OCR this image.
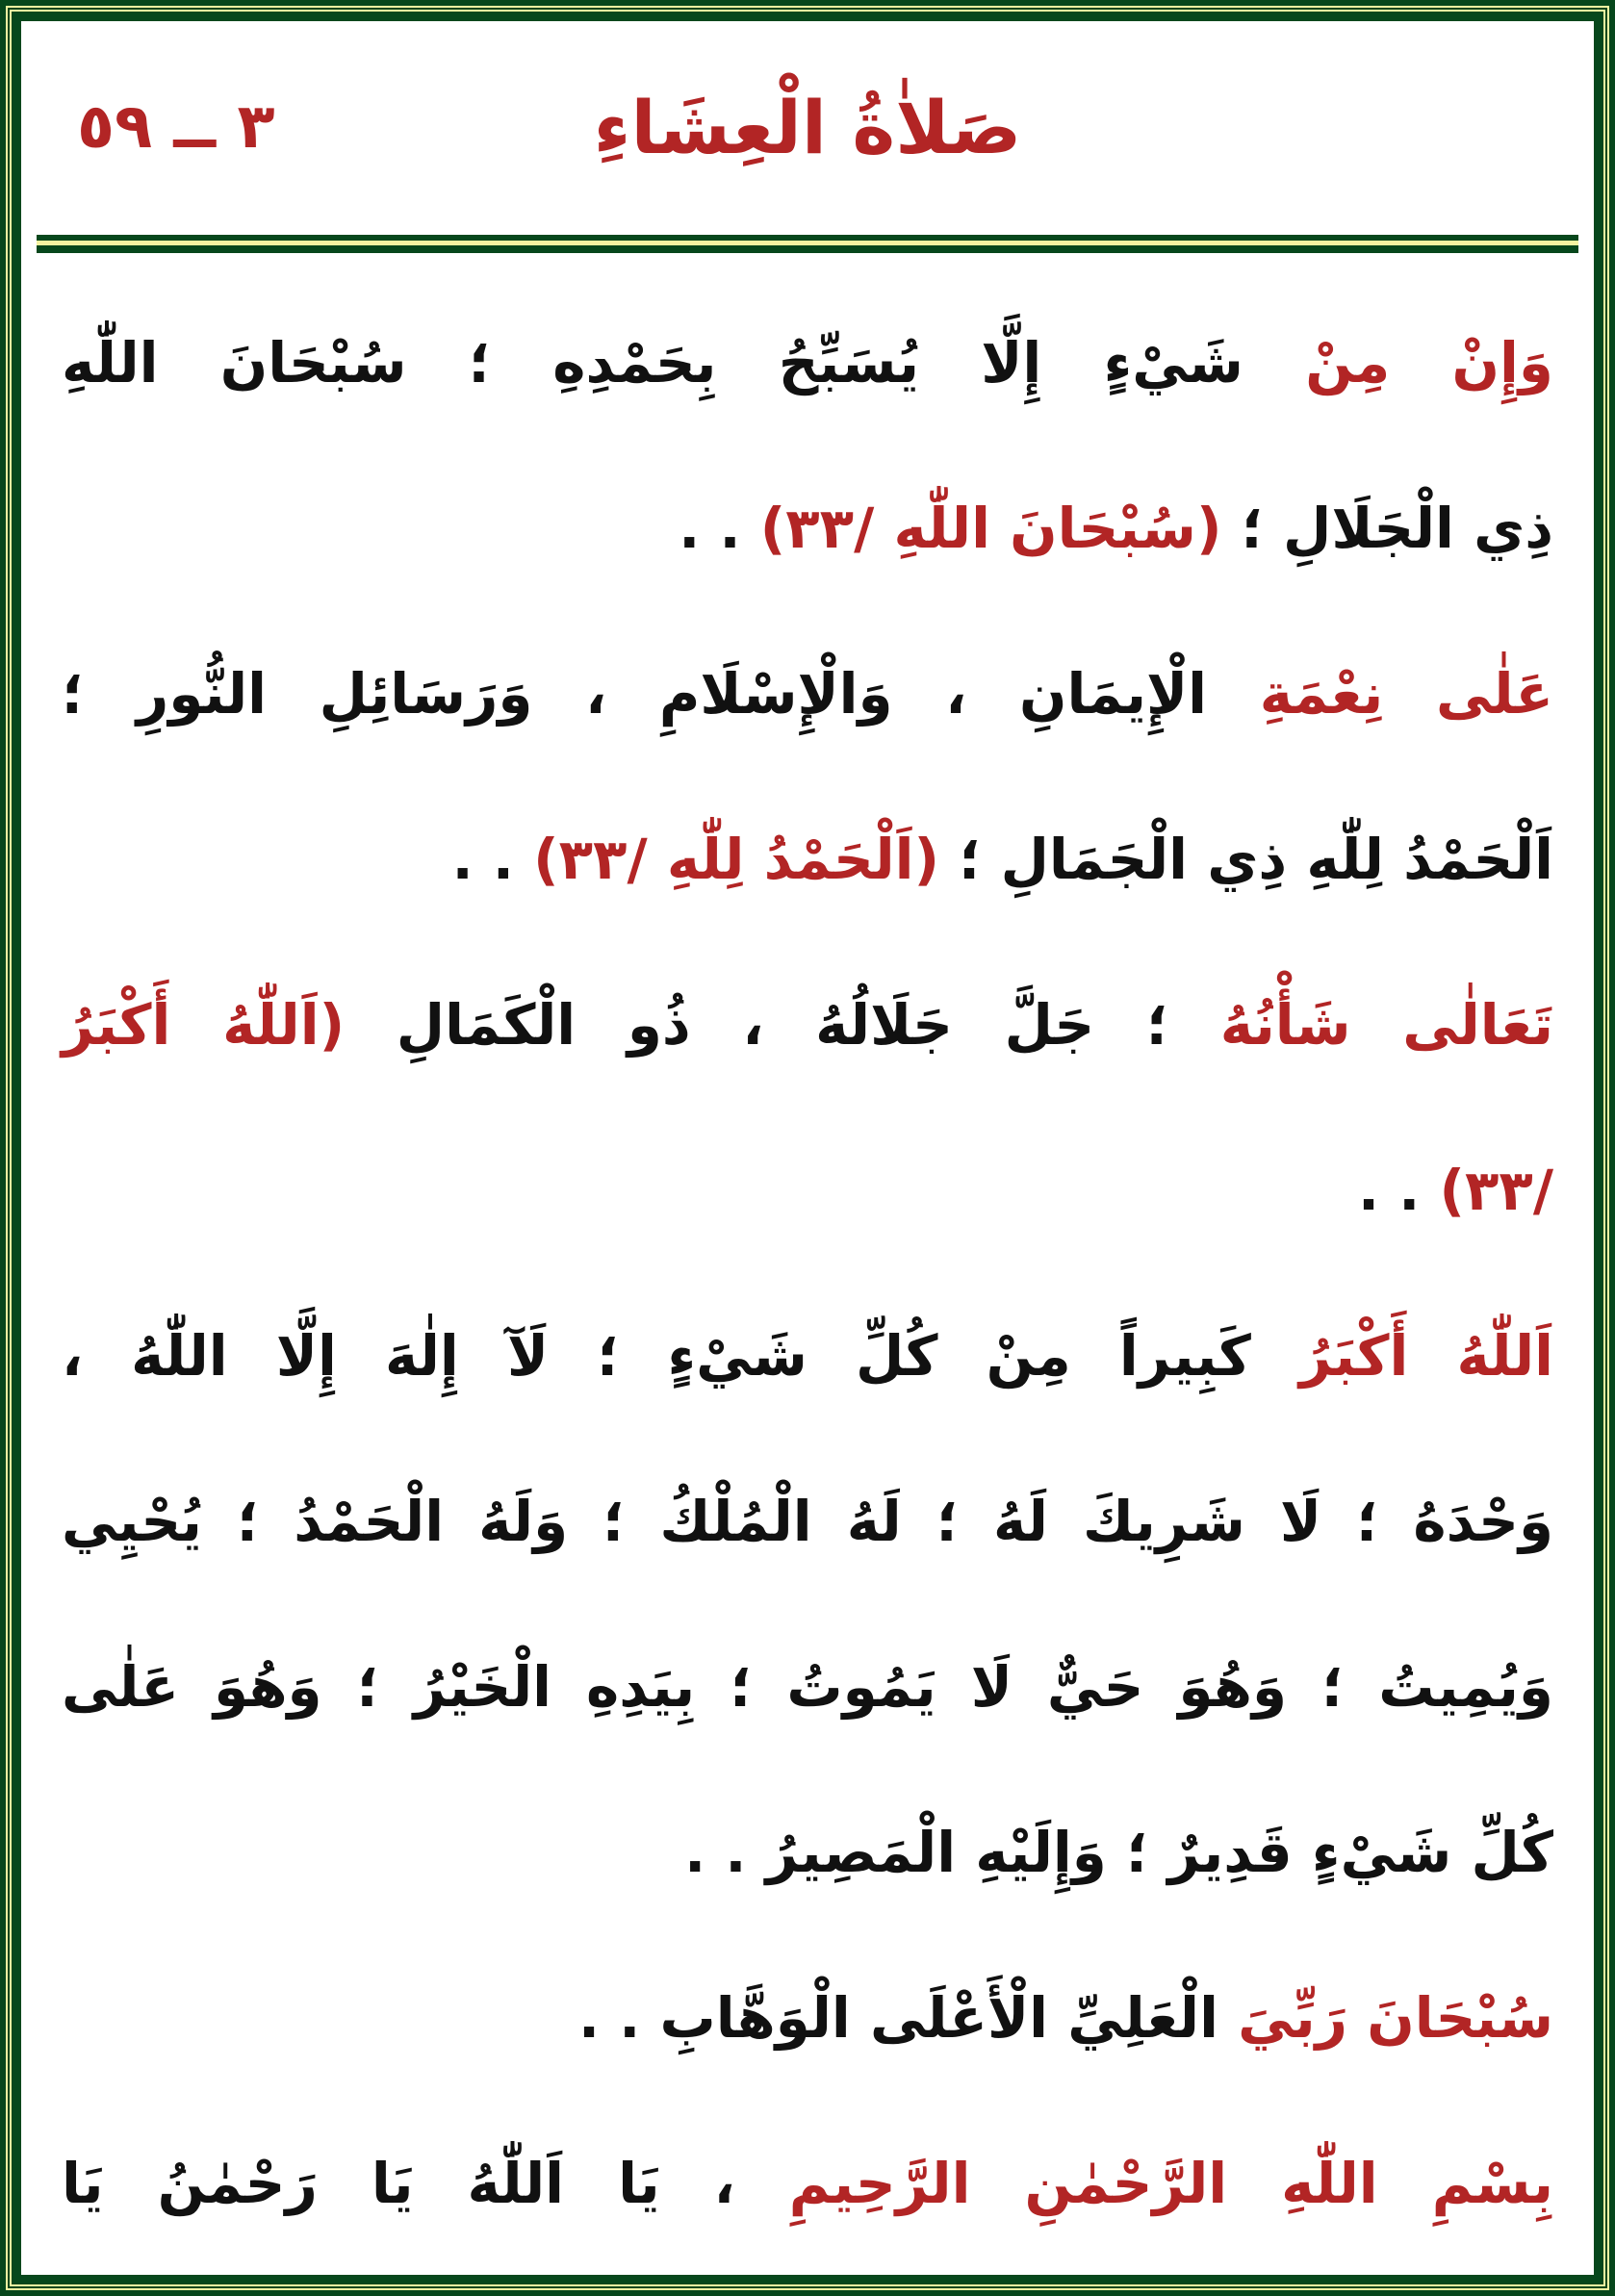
٣ ــ ٥٩	صَلاٰةُ الْعِشَاءِ
وَإِنْ مِنْ شَيْءٍ إِلَّا يُسَبِّحُ بِحَمْدِهِ ؛ سُبْحَانَ اللّٰهِ
ذِي الْجَلَالِ ؛ (سُبْحَانَ اللّٰهِ /٣٣) . .
عَلٰى نِعْمَةِ الْإِيمَانِ ، وَالْإِسْلَامِ ، وَرَسَائِلِ النُّورِ ؛
اَلْحَمْدُ لِلّٰهِ ذِي الْجَمَالِ ؛ (اَلْحَمْدُ لِلّٰهِ /٣٣) . .
تَعَالٰى شَأْنُهُ ؛ جَلَّ جَلَالُهُ ، ذُو الْكَمَالِ (اَللّٰهُ أَكْبَرُ
‏/٣٣) . .
اَللّٰهُ أَكْبَرُ كَبِيراً مِنْ كُلِّ شَيْءٍ ؛ لَآ إِلٰهَ إِلَّا اللّٰهُ ،
وَحْدَهُ ؛ لَا شَرِيكَ لَهُ ؛ لَهُ الْمُلْكُ ؛ وَلَهُ الْحَمْدُ ؛ يُحْيِي
وَيُمِيتُ ؛ وَهُوَ حَيٌّ لَا يَمُوتُ ؛ بِيَدِهِ الْخَيْرُ ؛ وَهُوَ عَلٰى
كُلِّ شَيْءٍ قَدِيرٌ ؛ وَإِلَيْهِ الْمَصِيرُ . .
سُبْحَانَ رَبِّيَ الْعَلِيِّ الْأَعْلَى الْوَهَّابِ . .
بِسْمِ اللّٰهِ الرَّحْمٰنِ الرَّحِيمِ ، يَا اَللّٰهُ يَا رَحْمٰنُ يَا
